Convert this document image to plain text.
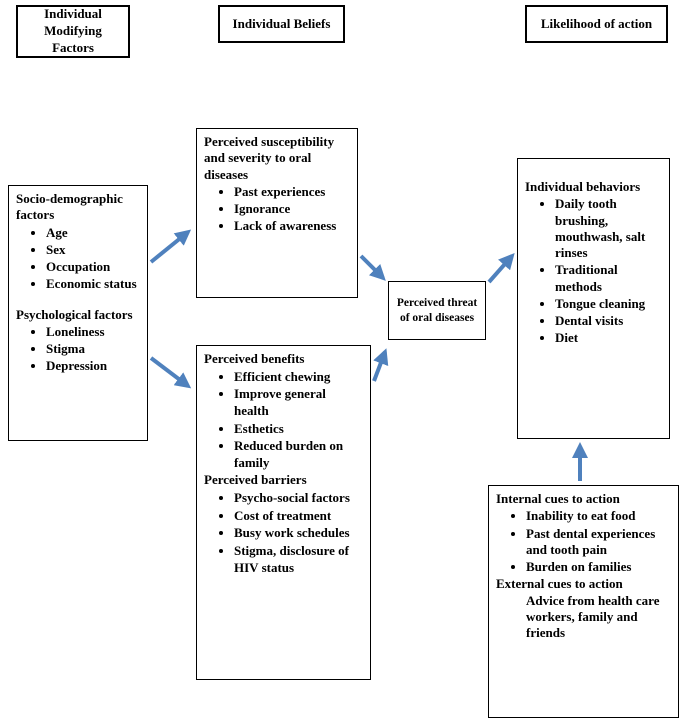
Individual Modifying Factors
Individual Beliefs	Likelihood of action
Socio-demographic factors
• Age
• Sex
• Occupation
• Economic status
Psychological factors
• Loneliness
• Stigma
• Depression
Perceived susceptibility and severity to oral diseases
• Past experiences
• Ignorance
• Lack of awareness
Perceived benefits
• Efficient chewing
• Improve general health
• Esthetics
• Reduced burden on family
Perceived barriers
• Psycho-social factors
• Cost of treatment
• Busy work schedules
• Stigma, disclosure of HIV status
Perceived threat of oral diseases
Individual behaviors
• Daily tooth brushing, mouthwash, salt rinses
• Traditional methods
• Tongue cleaning
• Dental visits
• Diet
Internal cues to action
• Inability to eat food
• Past dental experiences and tooth pain
• Burden on families
External cues to action
Advice from health care workers, family and friends
